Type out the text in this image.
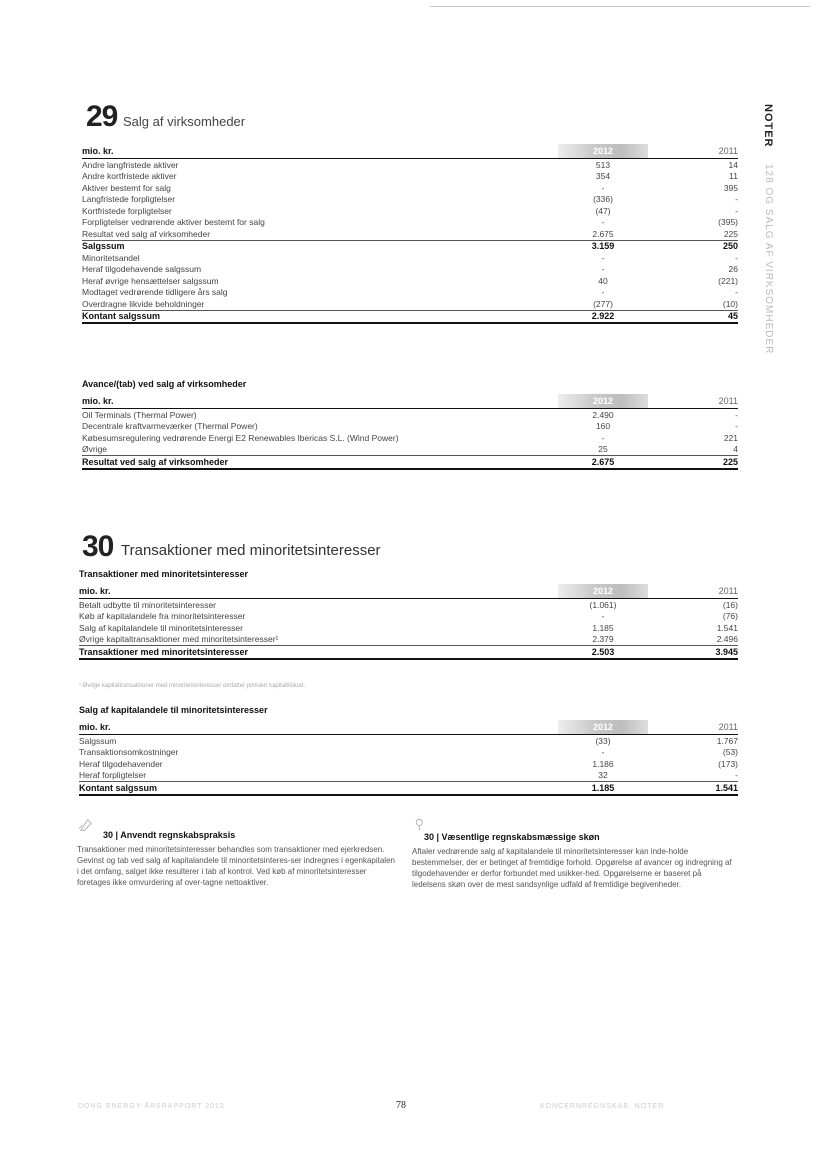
NOTER
128 OG SALG AF VIRKSOMHEDER
29 Salg af virksomheder
mio. kr.	2012		2011
Andre langfristede aktiver	513		14
Andre kortfristede aktiver	354		11
Aktiver bestemt for salg	-		395
Langfristede forpligtelser	(336)		-
Kortfristede forpligtelser	(47)		-
Forpligtelser vedrørende aktiver bestemt for salg	-		(395)
Resultat ved salg af virksomheder	2.675		225
Salgssum	3.159		250
Minoritetsandel	-		-
Heraf tilgodehavende salgssum	-		26
Heraf øvrige hensættelser salgssum	40		(221)
Modtaget vedrørende tidligere års salg	-		-
Overdragne likvide beholdninger	(277)		(10)
Kontant salgssum	2.922		45
Avance/(tab) ved salg af virksomheder
mio. kr.	2012		2011
Oil Terminals (Thermal Power)	2.490		-
Decentrale kraftvarmeværker (Thermal Power)	160		-
Købesumsregulering vedrørende Energi E2 Renewables Ibericas S.L. (Wind Power)	-		221
Øvrige	25		4
Resultat ved salg af virksomheder	2.675		225
30 Transaktioner med minoritetsinteresser
Transaktioner med minoritetsinteresser
mio. kr.	2012		2011
Betalt udbytte til minoritetsinteresser	(1.061)		(16)
Køb af kapitalandele fra minoritetsinteresser	-		(76)
Salg af kapitalandele til minoritetsinteresser	1.185		1.541
Øvrige kapitaltransaktioner med minoritetsinteresser¹	2.379		2.496
Transaktioner med minoritetsinteresser	2.503		3.945
¹ Øvrige kapitaltransaktioner med minoritetsinteresser omfatter primært kapitaltilskud.
Salg af kapitalandele til minoritetsinteresser
mio. kr.	2012		2011
Salgssum	(33)		1.767
Transaktionsomkostninger	-		(53)
Heraf tilgodehavender	1.186		(173)
Heraf forpligtelser	32		-
Kontant salgssum	1.185		1.541
30 | Anvendt regnskabspraksis
Transaktioner med minoritetsinteresser behandles som transaktioner med ejerkredsen. Gevinst og tab ved salg af kapitalandele til minoritetsinteres-ser indregnes i egenkapitalen i det omfang, salget ikke resulterer i tab af kontrol. Ved køb af minoritetsinteresser foretages ikke omvurdering af over-tagne nettoaktiver.
30 | Væsentlige regnskabsmæssige skøn
Aftaler vedrørende salg af kapitalandele til minoritetsinteresser kan inde-holde bestemmelser, der er betinget af fremtidige forhold. Opgørelse af avancer og indregning af tilgodehavender er derfor forbundet med usikker-hed. Opgørelserne er baseret på ledelsens skøn over de mest sandsynlige udfald af fremtidige begivenheder.
DONG ENERGY ÅRSRAPPORT 2012	78	KONCERNREGNSKAB, NOTER
